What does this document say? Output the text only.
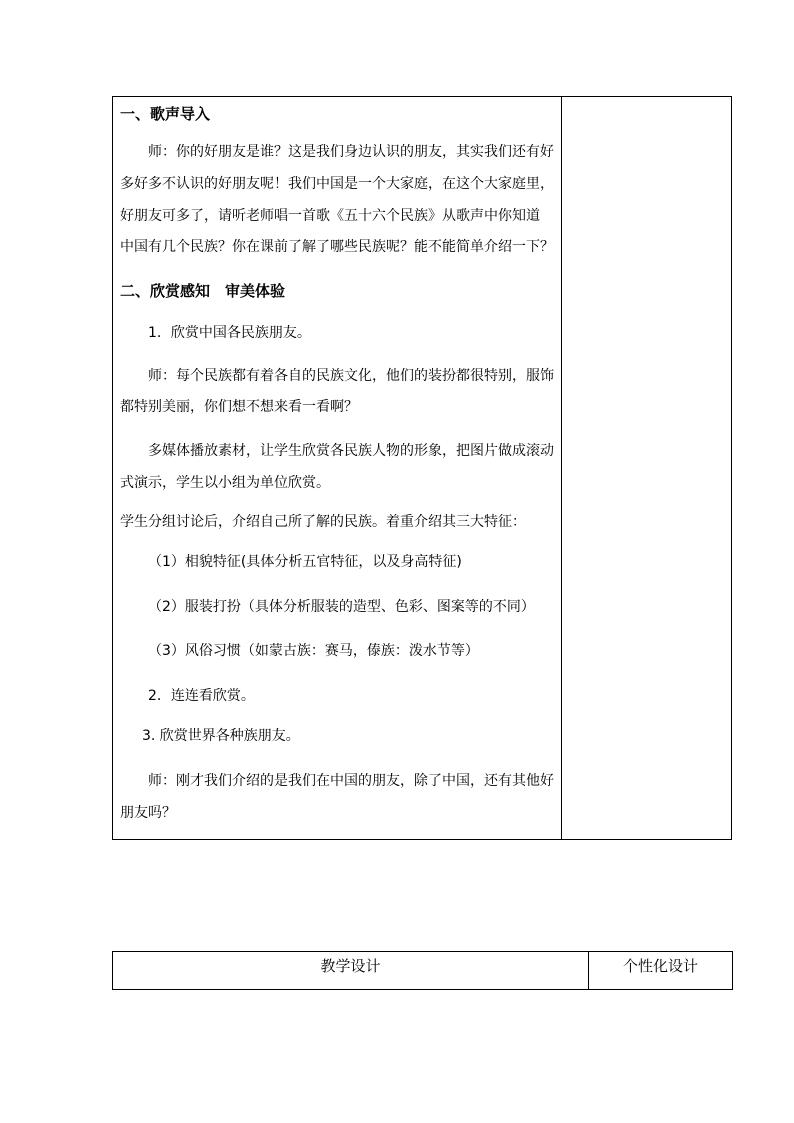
一、歌声导入
师：你的好朋友是谁？这是我们身边认识的朋友，其实我们还有好
多好多不认识的好朋友呢！我们中国是一个大家庭，在这个大家庭里，
好朋友可多了，请听老师唱一首歌《五十六个民族》从歌声中你知道
中国有几个民族？你在课前了解了哪些民族呢？能不能简单介绍一下？
二、欣赏感知　审美体验
1．欣赏中国各民族朋友。
师：每个民族都有着各自的民族文化，他们的装扮都很特别，服饰
都特别美丽，你们想不想来看一看啊？
多媒体播放素材，让学生欣赏各民族人物的形象，把图片做成滚动
式演示，学生以小组为单位欣赏。
学生分组讨论后，介绍自己所了解的民族。着重介绍其三大特征：
（1）相貌特征(具体分析五官特征，以及身高特征)
（2）服装打扮（具体分析服装的造型、色彩、图案等的不同）
（3）风俗习惯（如蒙古族：赛马，傣族：泼水节等）
2．连连看欣赏。
3. 欣赏世界各种族朋友。
师：刚才我们介绍的是我们在中国的朋友，除了中国，还有其他好
朋友吗？
教学设计	个性化设计
